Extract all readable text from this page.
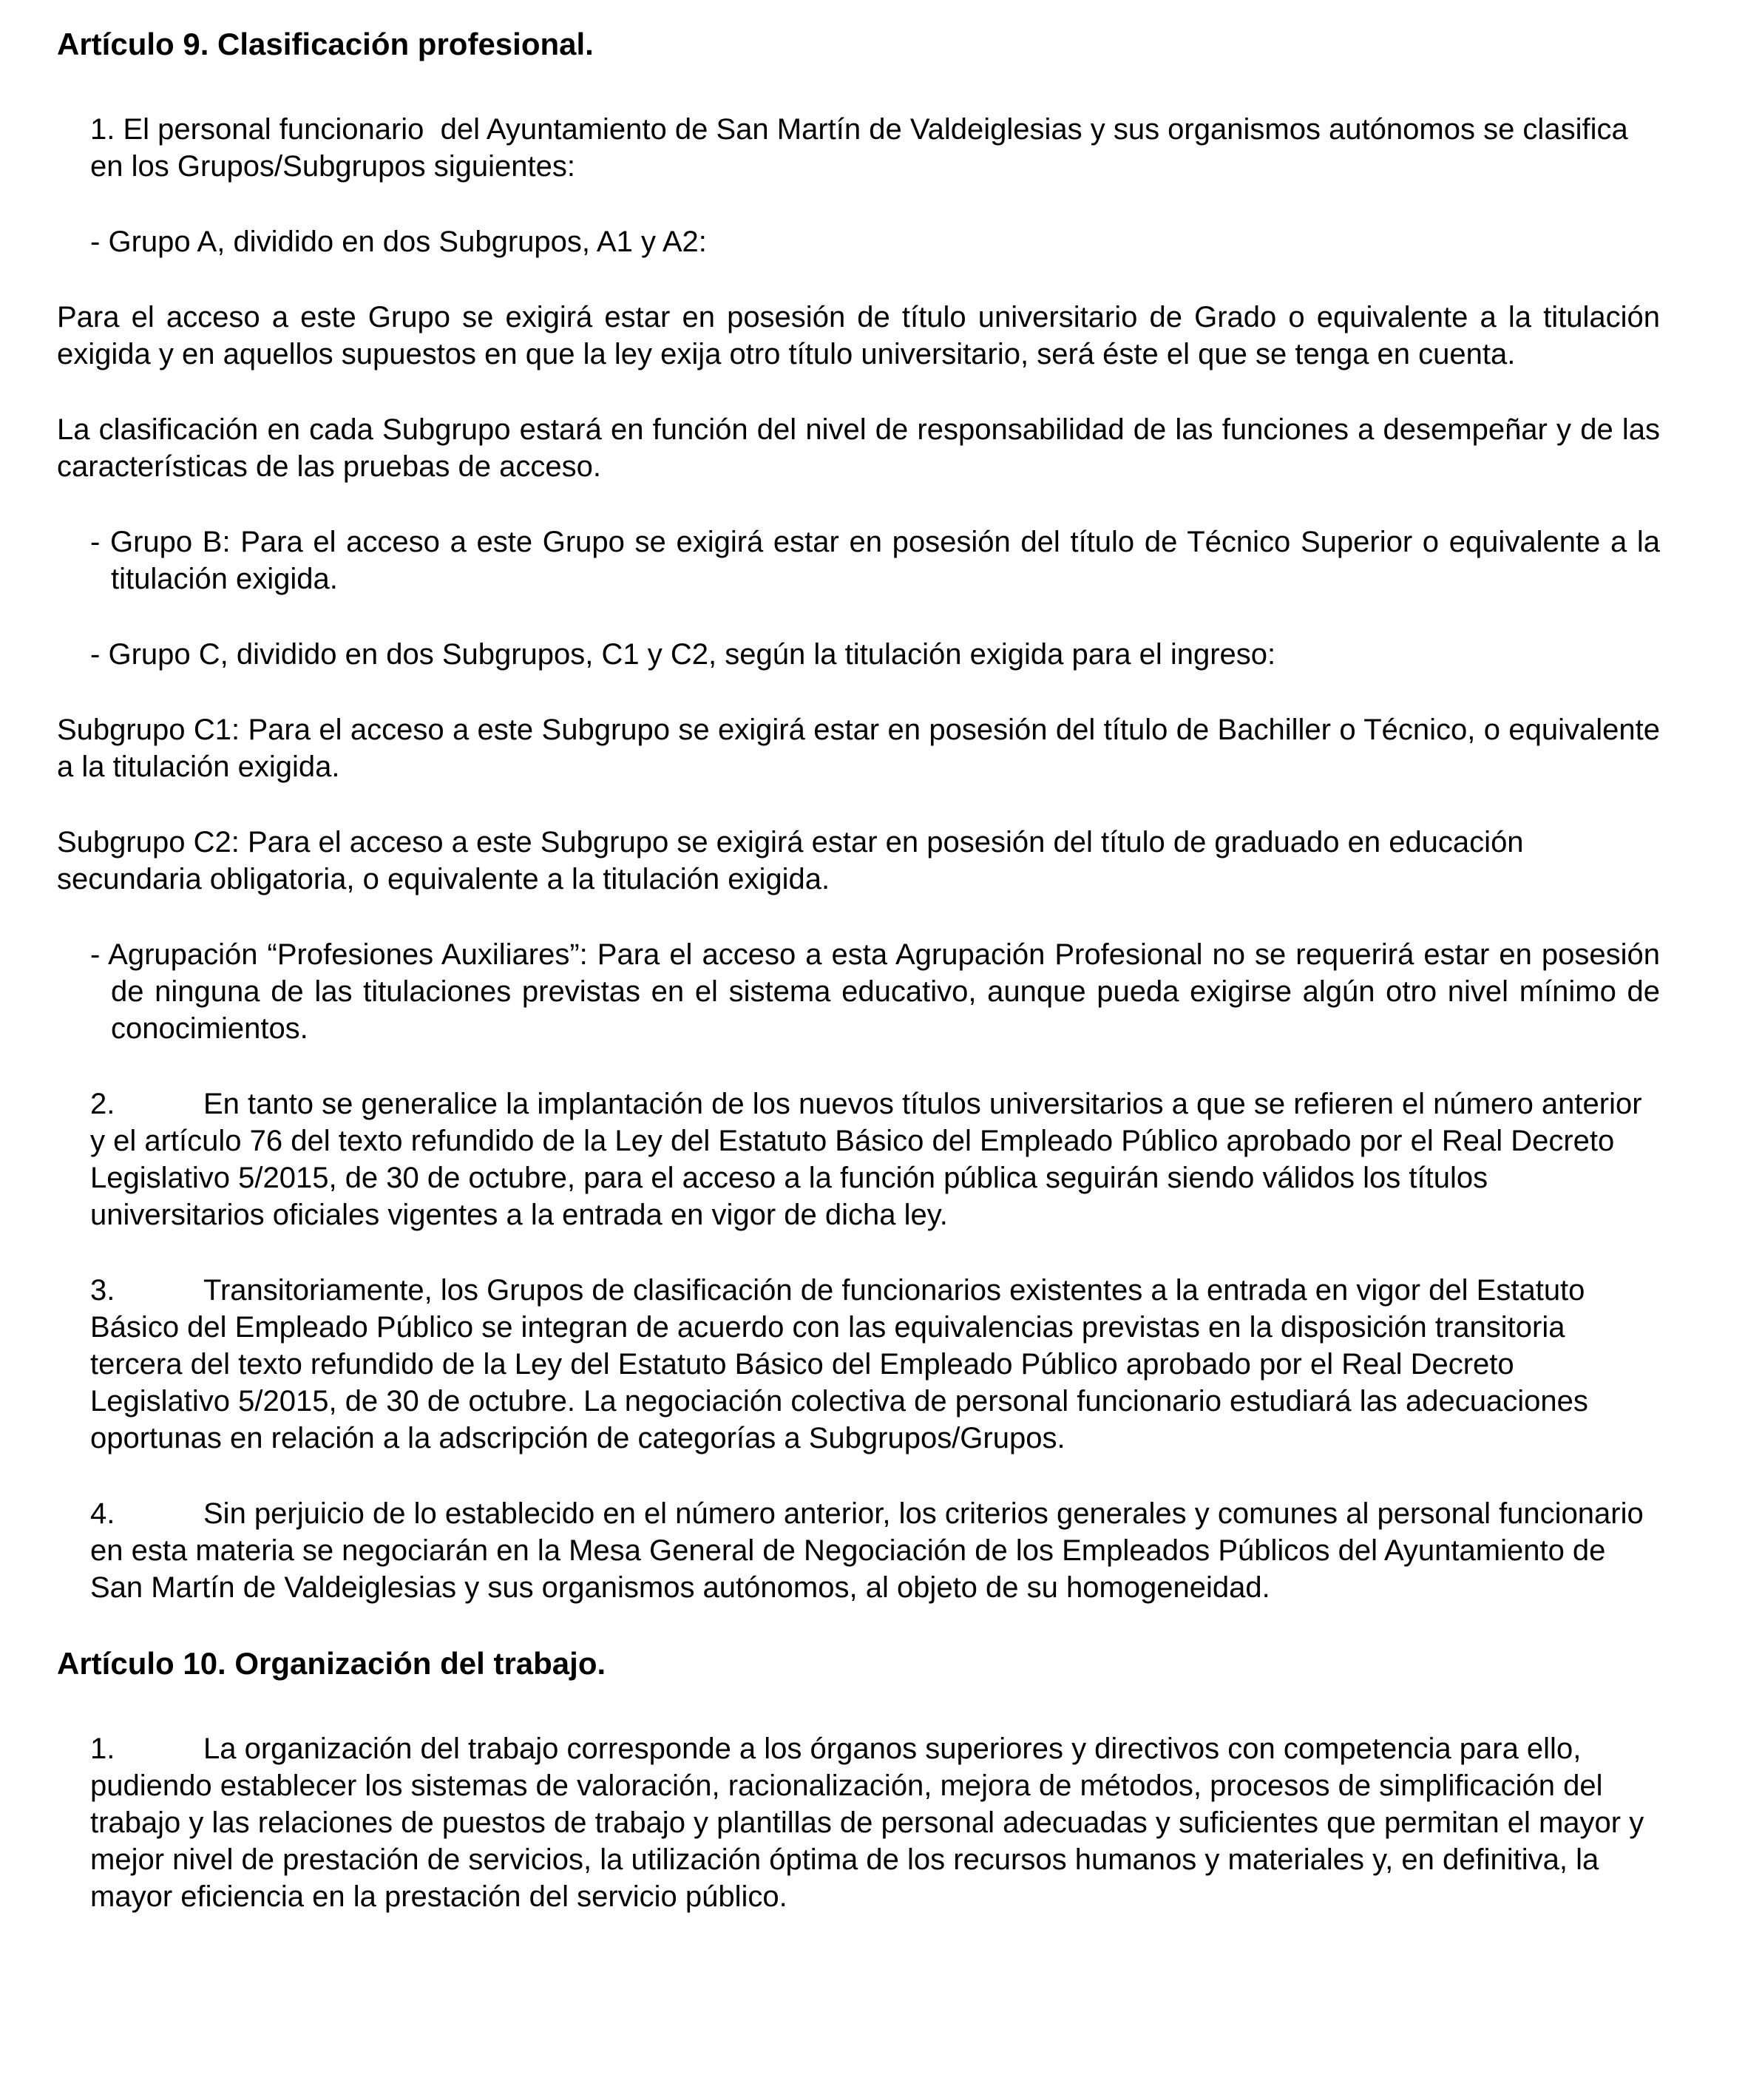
Artículo 9. Clasificación profesional.
1. El personal funcionario  del Ayuntamiento de San Martín de Valdeiglesias y sus organismos autónomos se clasifica en los Grupos/Subgrupos siguientes:
- Grupo A, dividido en dos Subgrupos, A1 y A2:
Para el acceso a este Grupo se exigirá estar en posesión de título universitario de Grado o equivalente a la titulación exigida y en aquellos supuestos en que la ley exija otro título universitario, será éste el que se tenga en cuenta.
La clasificación en cada Subgrupo estará en función del nivel de responsabilidad de las funciones a desempeñar y de las características de las pruebas de acceso.
- Grupo B: Para el acceso a este Grupo se exigirá estar en posesión del título de Técnico Superior o equivalente a la titulación exigida.
- Grupo C, dividido en dos Subgrupos, C1 y C2, según la titulación exigida para el ingreso:
Subgrupo C1: Para el acceso a este Subgrupo se exigirá estar en posesión del título de Bachiller o Técnico, o equivalente a la titulación exigida.
Subgrupo C2: Para el acceso a este Subgrupo se exigirá estar en posesión del título de graduado en educación secundaria obligatoria, o equivalente a la titulación exigida.
- Agrupación “Profesiones Auxiliares”: Para el acceso a esta Agrupación Profesional no se requerirá estar en posesión de ninguna de las titulaciones previstas en el sistema educativo, aunque pueda exigirse algún otro nivel mínimo de conocimientos.
2.	En tanto se generalice la implantación de los nuevos títulos universitarios a que se refieren el número anterior y el artículo 76 del texto refundido de la Ley del Estatuto Básico del Empleado Público aprobado por el Real Decreto Legislativo 5/2015, de 30 de octubre, para el acceso a la función pública seguirán siendo válidos los títulos universitarios oficiales vigentes a la entrada en vigor de dicha ley.
3.	Transitoriamente, los Grupos de clasificación de funcionarios existentes a la entrada en vigor del Estatuto Básico del Empleado Público se integran de acuerdo con las equivalencias previstas en la disposición transitoria tercera del texto refundido de la Ley del Estatuto Básico del Empleado Público aprobado por el Real Decreto Legislativo 5/2015, de 30 de octubre. La negociación colectiva de personal funcionario estudiará las adecuaciones oportunas en relación a la adscripción de categorías a Subgrupos/Grupos.
4.	Sin perjuicio de lo establecido en el número anterior, los criterios generales y comunes al personal funcionario  en esta materia se negociarán en la Mesa General de Negociación de los Empleados Públicos del Ayuntamiento de San Martín de Valdeiglesias y sus organismos autónomos, al objeto de su homogeneidad.
Artículo 10. Organización del trabajo.
1.	La organización del trabajo corresponde a los órganos superiores y directivos con competencia para ello, pudiendo establecer los sistemas de valoración, racionalización, mejora de métodos, procesos de simplificación del trabajo y las relaciones de puestos de trabajo y plantillas de personal adecuadas y suficientes que permitan el mayor y mejor nivel de prestación de servicios, la utilización óptima de los recursos humanos y materiales y, en definitiva, la mayor eficiencia en la prestación del servicio público.
